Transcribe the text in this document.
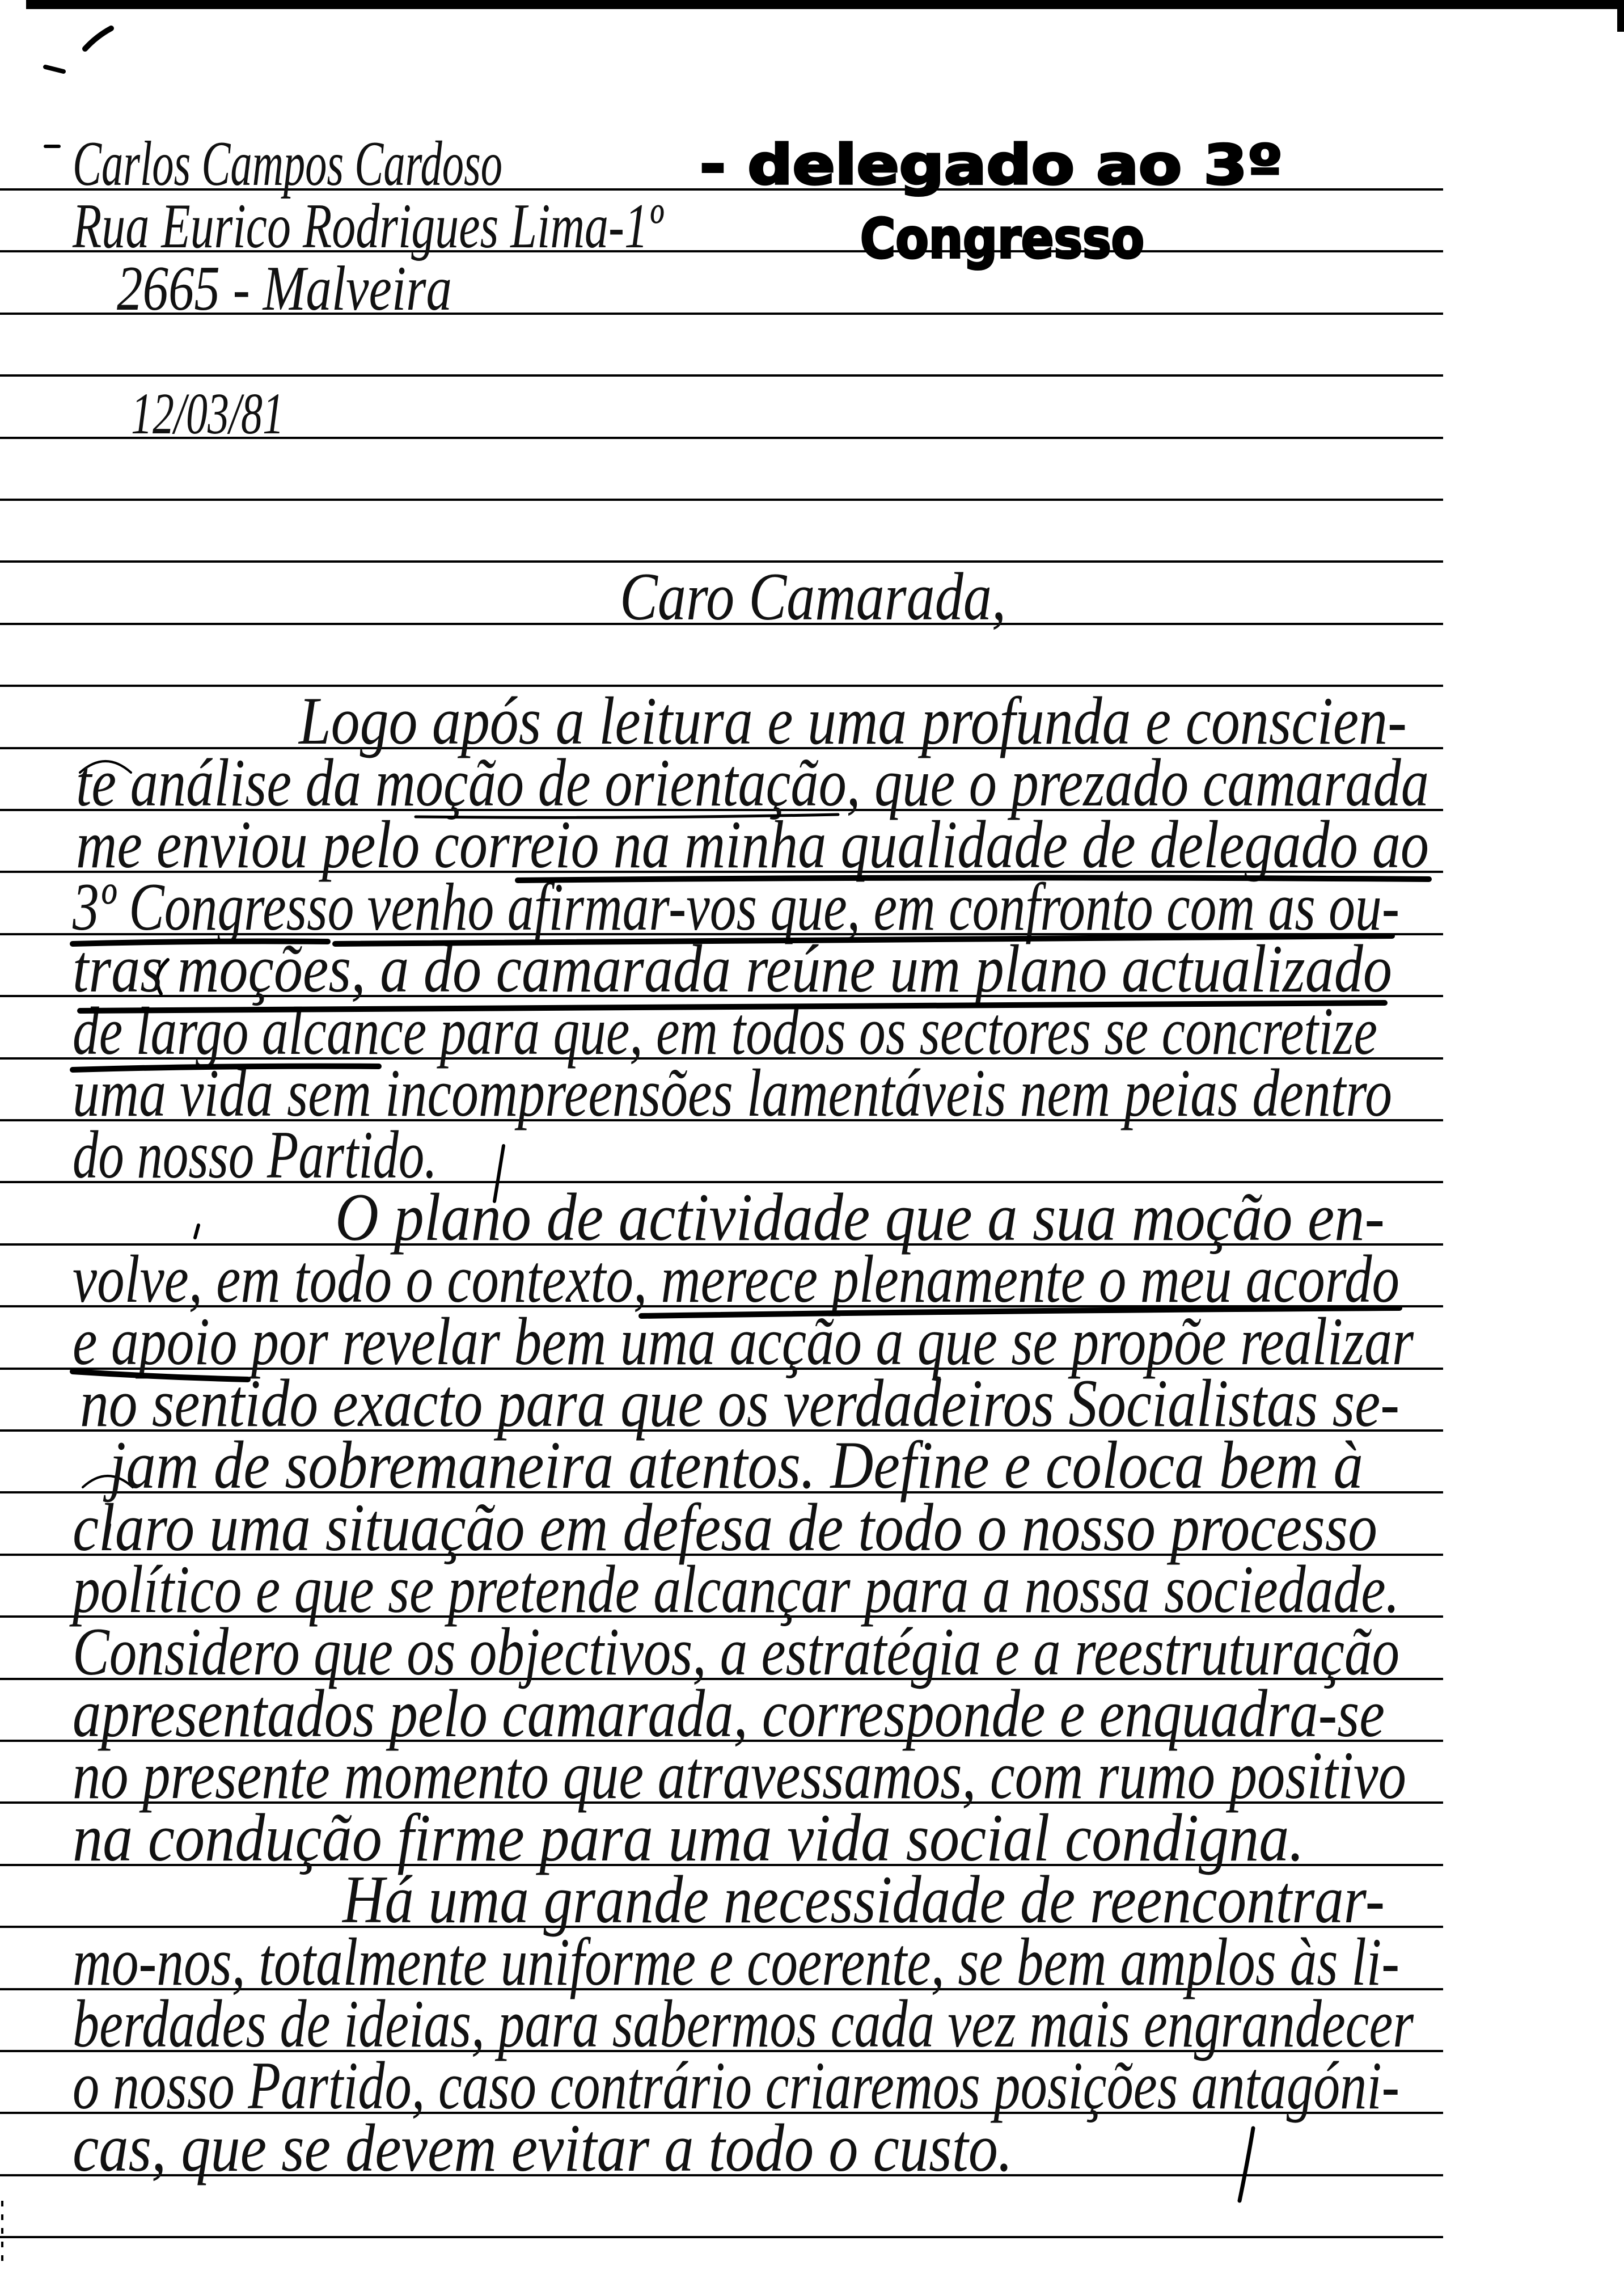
Carlos Campos Cardoso
Rua Eurico Rodrigues Lima-1º
2665 - Malveira
- delegado ao 3º
Congresso
12/03/81
Caro Camarada,
Logo após a leitura e uma profunda e conscien-
te análise da moção de orientação, que o prezado camarada
me enviou pelo correio na minha qualidade de delegado ao
3º Congresso venho afirmar-vos que, em confronto com as ou-
tras moções, a do camarada reúne um plano actualizado
de largo alcance para que, em todos os sectores se concretize
uma vida sem incompreensões lamentáveis nem peias dentro
do nosso Partido.
O plano de actividade que a sua moção en-
volve, em todo o contexto, merece plenamente o meu acordo
e apoio por revelar bem uma acção a que se propõe realizar
no sentido exacto para que os verdadeiros Socialistas se-
jam de sobremaneira atentos. Define e coloca bem à
claro uma situação em defesa de todo o nosso processo
político e que se pretende alcançar para a nossa sociedade.
Considero que os objectivos, a estratégia e a reestruturação
apresentados pelo camarada, corresponde e enquadra-se
no presente momento que atravessamos, com rumo positivo
na condução firme para uma vida social condigna.
Há uma grande necessidade de reencontrar-
mo-nos, totalmente uniforme e coerente, se bem amplos às li-
berdades de ideias, para sabermos cada vez mais engrandecer
o nosso Partido, caso contrário criaremos posições antagóni-
cas, que se devem evitar a todo o custo.
